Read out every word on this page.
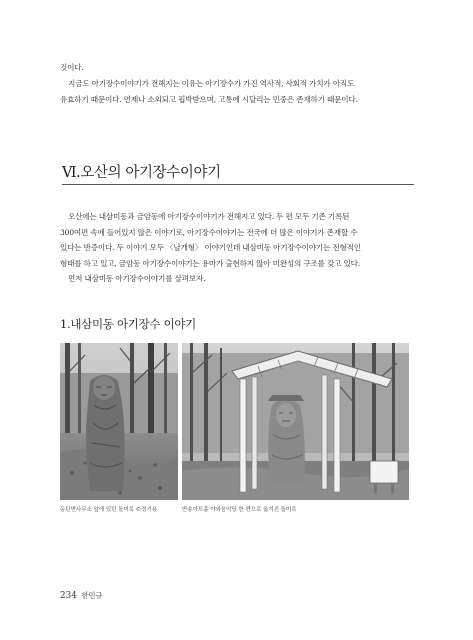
것이다.
지금도 아기장수이야기가 전해지는 이유는 아기장수가 가진 역사적, 사회적 가치가 아직도
유효하기 때문이다. 언제나 소외되고 핍박받으며, 고통에 시달리는 민중은 존재하기 때문이다.
Ⅵ.오산의 아기장수이야기
오산에는 내삼미동과 금암동에 아기장수이야기가 전해지고 있다. 두 편 모두 기존 기록된
300여편 속에 들어있지 않은 이야기로, 아기장수이야기는 전국에 더 많은 이야기가 존재할 수
있다는 반증이다. 두 이야기 모두 〈날개형〉 이야기인데 내삼미동 아기장수이야기는 전형적인
형태를 하고 있고, 금암동 아기장수이야기는 용마가 출현하지 않아 미완성의 구조를 갖고 있다.
먼저 내삼미동 아기장수이야기를 살펴보자.
1.내삼미동 아기장수 이야기
동탄면사무소 앞에 있던 돌미륵 ©정기용	반송아트홀 야외음악당 한 켠으로 옮겨진 돌미륵
234 한민규
